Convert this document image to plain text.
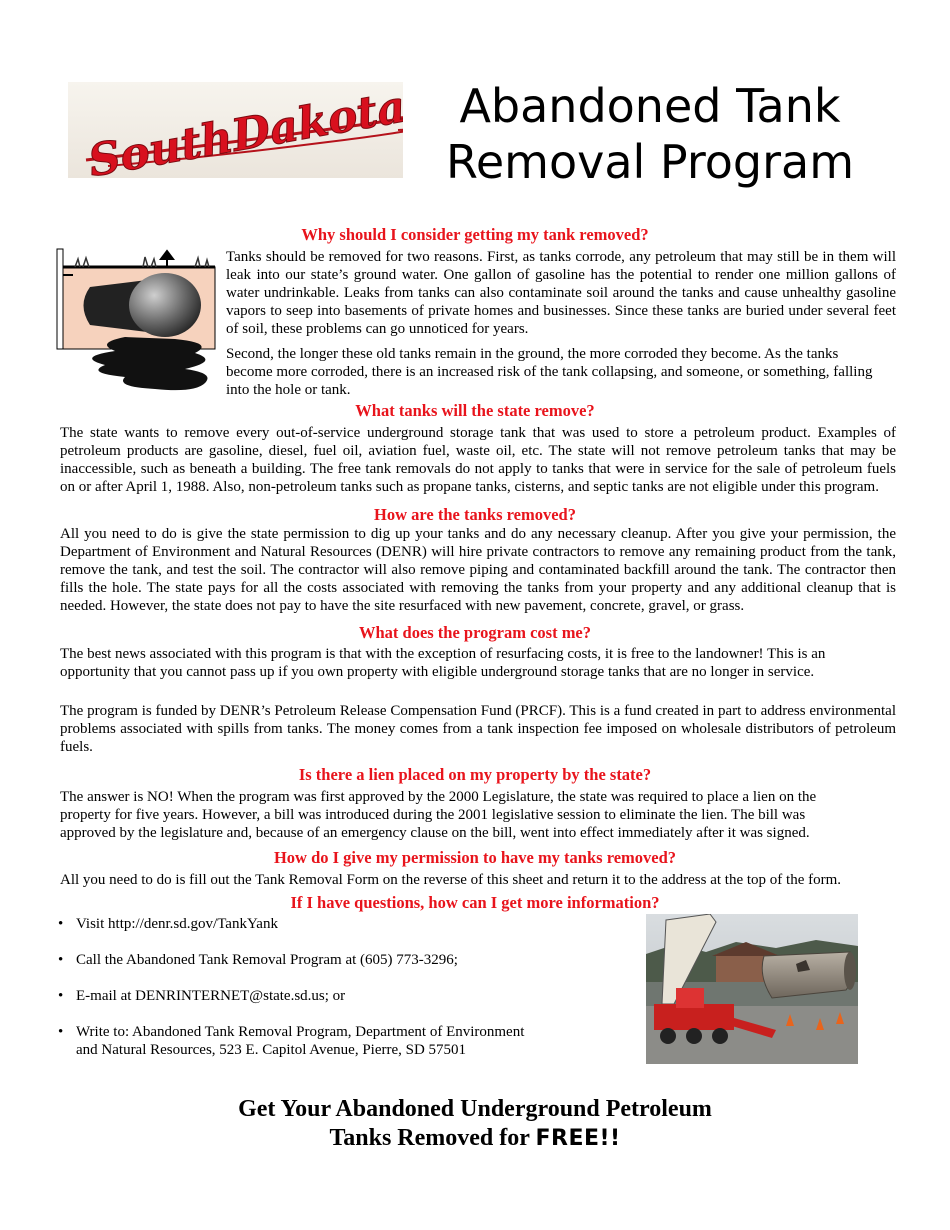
SouthDakota	Abandoned Tank
Removal Program
Why should I consider getting my tank removed?
Tanks should be removed for two reasons. First, as tanks corrode, any petroleum that may still be in them will leak into our state’s ground water. One gallon of gasoline has the potential to render one million gallons of water undrinkable. Leaks from tanks can also contaminate soil around the tanks and cause unhealthy gasoline vapors to seep into basements of private homes and businesses. Since these tanks are buried under several feet of soil, these problems can go unnoticed for years.
Second, the longer these old tanks remain in the ground, the more corroded they become. As the tanks become more corroded, there is an increased risk of the tank collapsing, and someone, or something, falling into the hole or tank.
What tanks will the state remove?
The state wants to remove every out-of-service underground storage tank that was used to store a petroleum product. Examples of petroleum products are gasoline, diesel, fuel oil, aviation fuel, waste oil, etc. The state will not remove petroleum tanks that may be inaccessible, such as beneath a building. The free tank removals do not apply to tanks that were in service for the sale of petroleum fuels on or after April 1, 1988. Also, non-petroleum tanks such as propane tanks, cisterns, and septic tanks are not eligible under this program.
How are the tanks removed?
All you need to do is give the state permission to dig up your tanks and do any necessary cleanup. After you give your permission, the Department of Environment and Natural Resources (DENR) will hire private contractors to remove any remaining product from the tank, remove the tank, and test the soil. The contractor will also remove piping and contaminated backfill around the tank. The contractor then fills the hole. The state pays for all the costs associated with removing the tanks from your property and any additional cleanup that is needed. However, the state does not pay to have the site resurfaced with new pavement, concrete, gravel, or grass.
What does the program cost me?
The best news associated with this program is that with the exception of resurfacing costs, it is free to the landowner! This is an opportunity that you cannot pass up if you own property with eligible underground storage tanks that are no longer in service.
The program is funded by DENR’s Petroleum Release Compensation Fund (PRCF). This is a fund created in part to address environmental problems associated with spills from tanks. The money comes from a tank inspection fee imposed on wholesale distributors of petroleum fuels.
Is there a lien placed on my property by the state?
The answer is NO! When the program was first approved by the 2000 Legislature, the state was required to place a lien on the property for five years. However, a bill was introduced during the 2001 legislative session to eliminate the lien. The bill was approved by the legislature and, because of an emergency clause on the bill, went into effect immediately after it was signed.
How do I give my permission to have my tanks removed?
All you need to do is fill out the Tank Removal Form on the reverse of this sheet and return it to the address at the top of the form.
If I have questions, how can I get more information?
• Visit http://denr.sd.gov/TankYank
• Call the Abandoned Tank Removal Program at (605) 773-3296;
• E-mail at DENRINTERNET@state.sd.us; or
• Write to: Abandoned Tank Removal Program, Department of Environment and Natural Resources, 523 E. Capitol Avenue, Pierre, SD 57501
Get Your Abandoned Underground Petroleum
Tanks Removed for FREE!!
